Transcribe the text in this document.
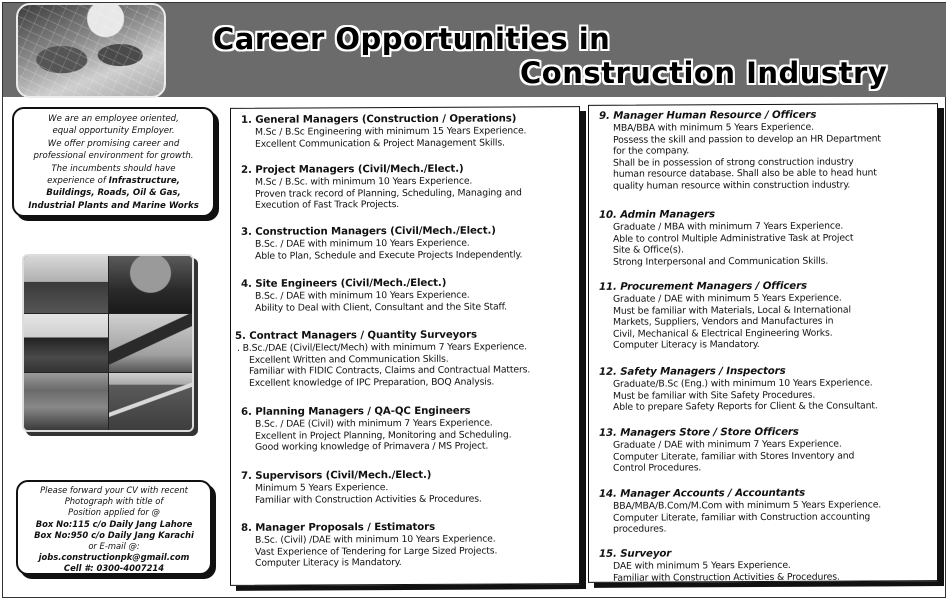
Career Opportunities in
Construction Industry
We are an employee oriented,
equal opportunity Employer.
We offer promising career and
professional environment for growth.
The incumbents should have
experience of Infrastructure,
Buildings, Roads, Oil & Gas,
Industrial Plants and Marine Works
Please forward your CV with recent
Photograph with title of
Position applied for @
Box No:115 c/o Daily Jang Lahore
Box No:950 c/o Daily Jang Karachi
or E-mail @:
jobs.constructionpk@gmail.com
Cell #: 0300-4007214
1. General Managers (Construction / Operations)
M.Sc / B.Sc Engineering with minimum 15 Years Experience.
Excellent Communication & Project Management Skills.
2. Project Managers (Civil/Mech./Elect.)
M.Sc / B.Sc. with minimum 10 Years Experience.
Proven track record of Planning, Scheduling, Managing and
Execution of Fast Track Projects.
3. Construction Managers (Civil/Mech./Elect.)
B.Sc. / DAE with minimum 10 Years Experience.
Able to Plan, Schedule and Execute Projects Independently.
4. Site Engineers (Civil/Mech./Elect.)
B.Sc. / DAE with minimum 10 Years Experience.
Ability to Deal with Client, Consultant and the Site Staff.
5. Contract Managers / Quantity Surveyors
. B.Sc./DAE (Civil/Elect/Mech) with minimum 7 Years Experience.
Excellent Written and Communication Skills.
Familiar with FIDIC Contracts, Claims and Contractual Matters.
Excellent knowledge of IPC Preparation, BOQ Analysis.
6. Planning Managers / QA-QC Engineers
B.Sc. / DAE (Civil) with minimum 7 Years Experience.
Excellent in Project Planning, Monitoring and Scheduling.
Good working knowledge of Primavera / MS Project.
7. Supervisors (Civil/Mech./Elect.)
Minimum 5 Years Experience.
Familiar with Construction Activities & Procedures.
8. Manager Proposals / Estimators
B.Sc. (Civil) /DAE with minimum 10 Years Experience.
Vast Experience of Tendering for Large Sized Projects.
Computer Literacy is Mandatory.
9. Manager Human Resource / Officers
MBA/BBA with minimum 5 Years Experience.
Possess the skill and passion to develop an HR Department
for the company.
Shall be in possession of strong construction industry
human resource database. Shall also be able to head hunt
quality human resource within construction industry.
10. Admin Managers
Graduate / MBA with minimum 7 Years Experience.
Able to control Multiple Administrative Task at Project
Site & Office(s).
Strong Interpersonal and Communication Skills.
11. Procurement Managers / Officers
Graduate / DAE with minimum 5 Years Experience.
Must be familiar with Materials, Local & International
Markets, Suppliers, Vendors and Manufactures in
Civil, Mechanical & Electrical Engineering Works.
Computer Literacy is Mandatory.
12. Safety Managers / Inspectors
Graduate/B.Sc (Eng.) with minimum 10 Years Experience.
Must be familiar with Site Safety Procedures.
Able to prepare Safety Reports for Client & the Consultant.
13. Managers Store / Store Officers
Graduate / DAE with minimum 7 Years Experience.
Computer Literate, familiar with Stores Inventory and
Control Procedures.
14. Manager Accounts / Accountants
BBA/MBA/B.Com/M.Com with minimum 5 Years Experience.
Computer Literate, familiar with Construction accounting
procedures.
15. Surveyor
DAE with minimum 5 Years Experience.
Familiar with Construction Activities & Procedures.
